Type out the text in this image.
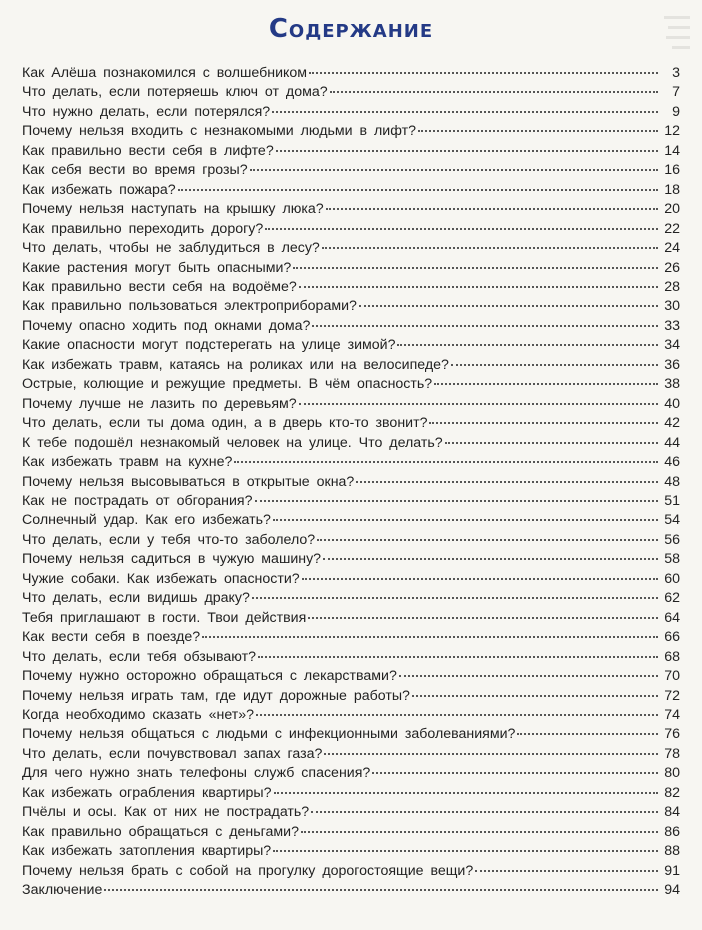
Содержание
Как Алёша познакомился с волшебником	3
Что делать, если потеряешь ключ от дома?	7
Что нужно делать, если потерялся?	9
Почему нельзя входить с незнакомыми людьми в лифт?	12
Как правильно вести себя в лифте?	14
Как себя вести во время грозы?	16
Как избежать пожара?	18
Почему нельзя наступать на крышку люка?	20
Как правильно переходить дорогу?	22
Что делать, чтобы не заблудиться в лесу?	24
Какие растения могут быть опасными?	26
Как правильно вести себя на водоёме?	28
Как правильно пользоваться электроприборами?	30
Почему опасно ходить под окнами дома?	33
Какие опасности могут подстерегать на улице зимой?	34
Как избежать травм, катаясь на роликах или на велосипеде?	36
Острые, колющие и режущие предметы. В чём опасность?	38
Почему лучше не лазить по деревьям?	40
Что делать, если ты дома один, а в дверь кто-то звонит?	42
К тебе подошёл незнакомый человек на улице. Что делать?	44
Как избежать травм на кухне?	46
Почему нельзя высовываться в открытые окна?	48
Как не пострадать от обгорания?	51
Солнечный удар. Как его избежать?	54
Что делать, если у тебя что-то заболело?	56
Почему нельзя садиться в чужую машину?	58
Чужие собаки. Как избежать опасности?	60
Что делать, если видишь драку?	62
Тебя приглашают в гости. Твои действия	64
Как вести себя в поезде?	66
Что делать, если тебя обзывают?	68
Почему нужно осторожно обращаться с лекарствами?	70
Почему нельзя играть там, где идут дорожные работы?	72
Когда необходимо сказать «нет»?	74
Почему нельзя общаться с людьми с инфекционными заболеваниями?	76
Что делать, если почувствовал запах газа?	78
Для чего нужно знать телефоны служб спасения?	80
Как избежать ограбления квартиры?	82
Пчёлы и осы. Как от них не пострадать?	84
Как правильно обращаться с деньгами?	86
Как избежать затопления квартиры?	88
Почему нельзя брать с собой на прогулку дорогостоящие вещи?	91
Заключение	94
